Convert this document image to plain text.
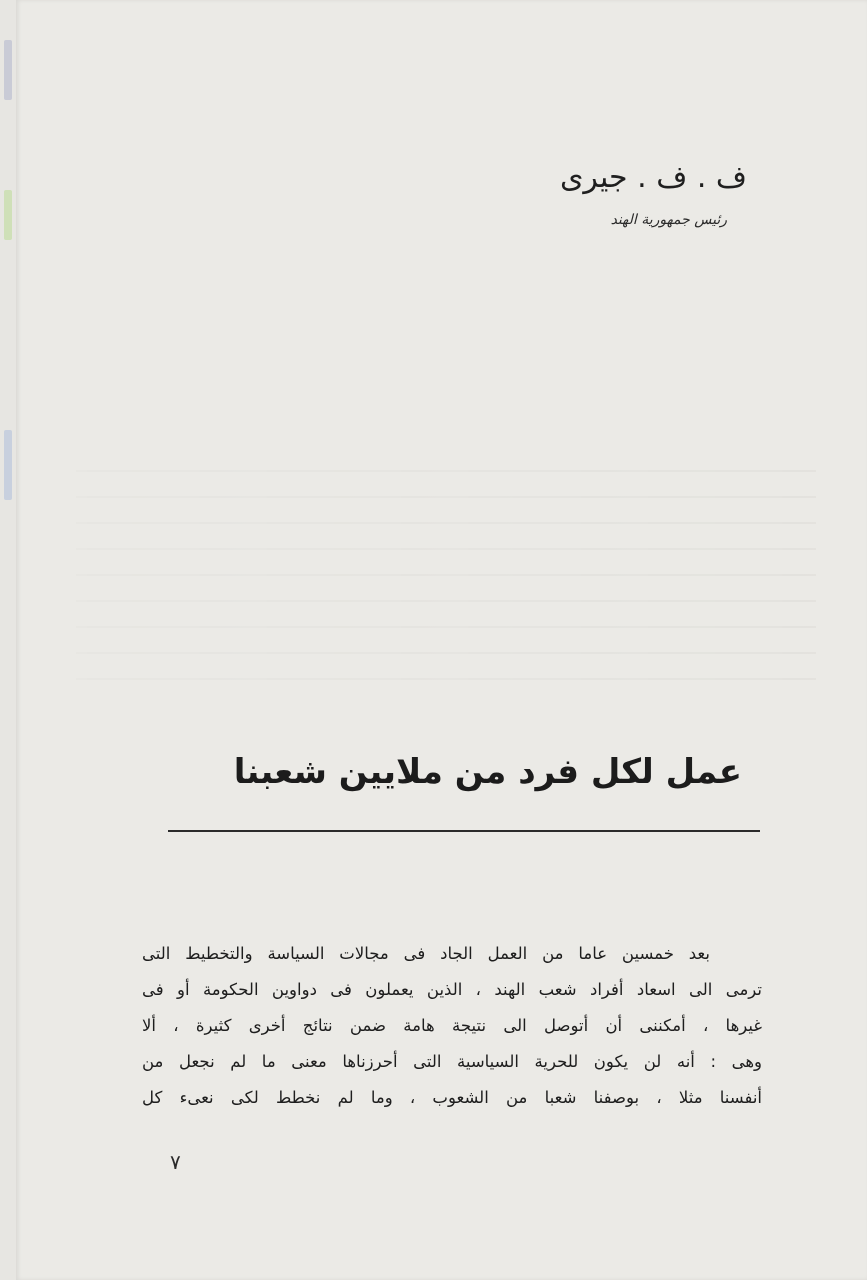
ف . ف . جيرى
رئيس جمهورية الهند
عمل لكل فرد من ملايين شعبنا
بعد خمسين عاما من العمل الجاد فى مجالات السياسة والتخطيط التى
ترمى الى اسعاد أفراد شعب الهند ، الذين يعملون فى دواوين الحكومة أو فى
غيرها ، أمكننى أن أتوصل الى نتيجة هامة ضمن نتائج أخرى كثيرة ، ألا
وهى : أنه لن يكون للحرية السياسية التى أحرزناها معنى ما لم نجعل من
أنفسنا مثلا ، بوصفنا شعبا من الشعوب ، وما لم نخطط لكى نعىء كل
٧
